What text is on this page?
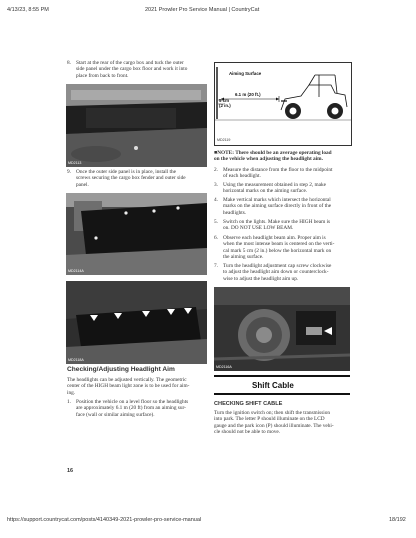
4/13/23, 8:55 PM	2021 Prowler Pro Service Manual | CountryCat
https://support.countrycat.com/posts/4140349-2021-prowler-pro-service-manual	18/192
8. Start at the rear of the cargo box and tuck the outer
side panel under the cargo box floor and work it into
place from back to front.
MD2113
9. Once the outer side panel is in place, install the
screws securing the cargo box fender and outer side
panel.
MD2114A
MD2118A
Checking/Adjusting Headlight Aim
The headlights can be adjusted vertically. The geometric
center of the HIGH beam light zone is to be used for aim-
ing.
1. Position the vehicle on a level floor so the headlights
are approximately 6.1 m (20 ft) from an aiming sur-
face (wall or similar aiming surface).
16
Aiming Surface
6.1 m (20 ft.)
5 cm
(2 in.)
MD2119
■NOTE: There should be an average operating load
on the vehicle when adjusting the headlight aim.
2. Measure the distance from the floor to the midpoint
of each headlight.
3. Using the measurement obtained in step 2, make
horizontal marks on the aiming surface.
4. Make vertical marks which intersect the horizontal
marks on the aiming surface directly in front of the
headlights.
5. Switch on the lights. Make sure the HIGH beam is
on. DO NOT USE LOW BEAM.
6. Observe each headlight beam aim. Proper aim is
when the most intense beam is centered on the verti-
cal mark 5 cm (2 in.) below the horizontal mark on
the aiming surface.
7. Turn the headlight adjustment cap screw clockwise
to adjust the headlight aim down or counterclock-
wise to adjust the headlight aim up.
MD2116A
Shift Cable
CHECKING SHIFT CABLE
Turn the ignition switch on; then shift the transmission
into park. The letter P should illuminate on the LCD
gauge and the park icon (P) should illuminate. The vehi-
cle should not be able to move.
